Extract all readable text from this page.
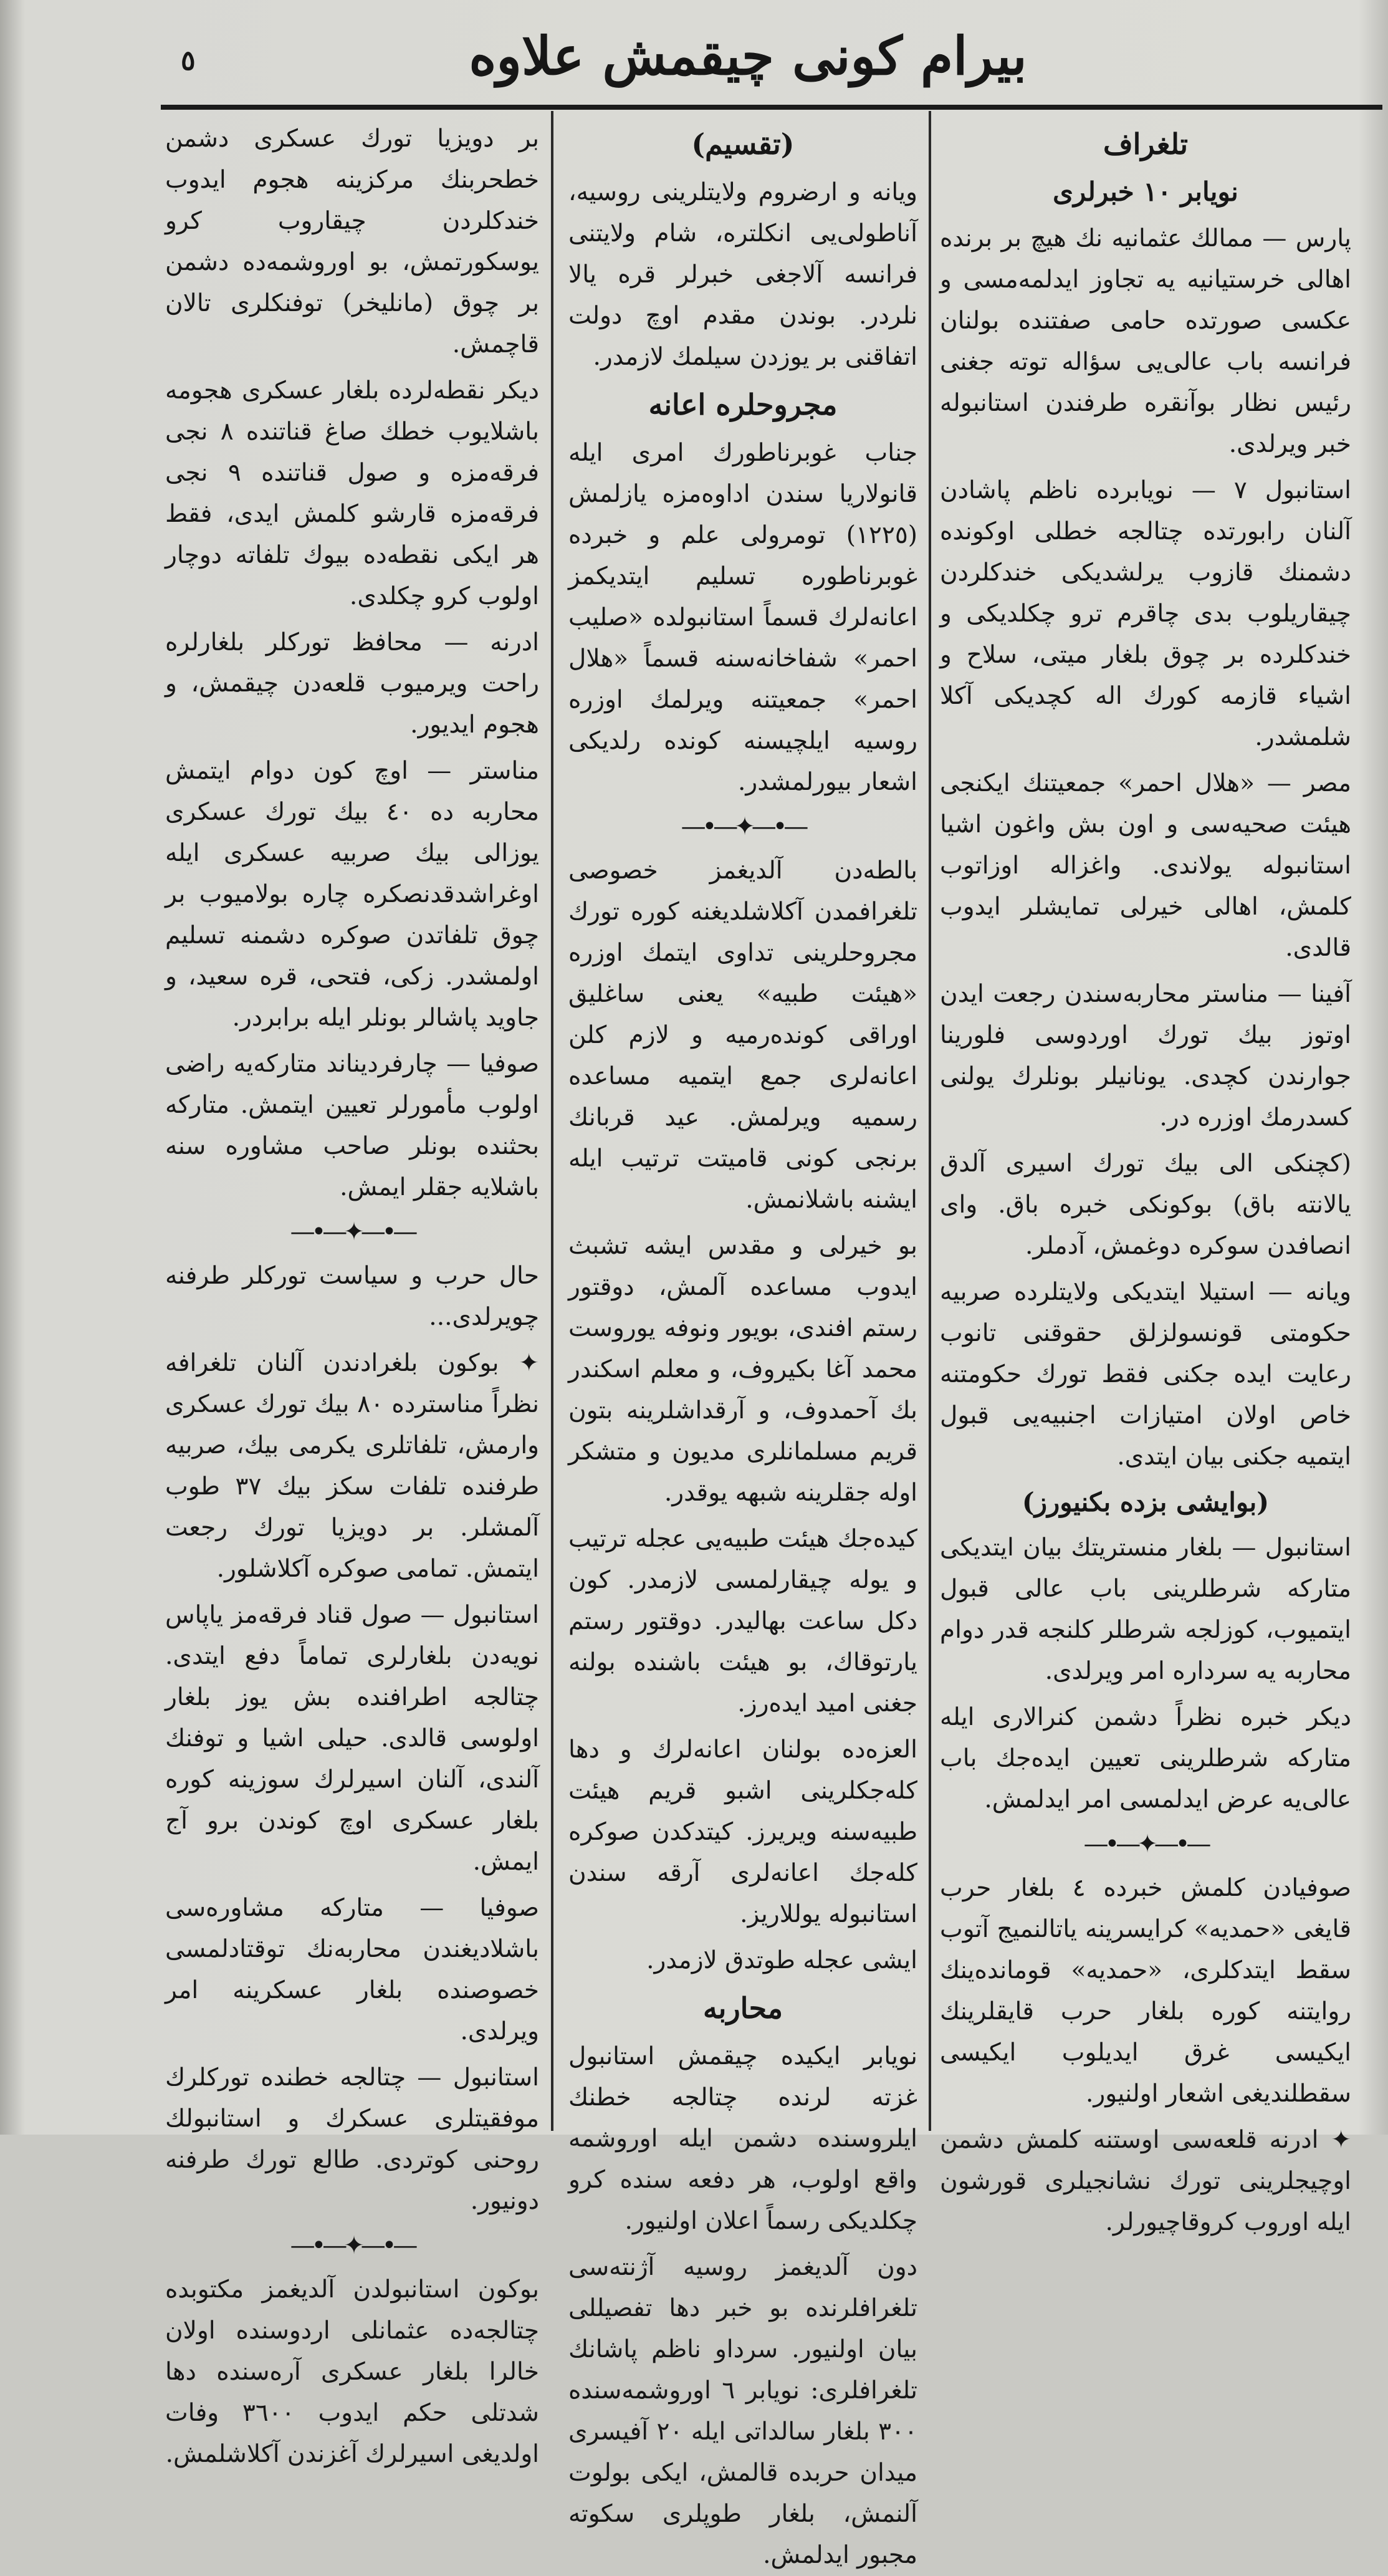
٥	بیرام کونی چیقمش علاوه
تلغراف
نویابر ١٠ خبرلری

پارس — ممالك عثمانیه نك هیچ بر برنده اهالی خرستیانیه یه تجاوز ایدلمه‌مسی و عکسی صورتده حامی صفتنده بولنان فرانسه باب عالی‌یی سؤاله توته جغنی رئیس نظار بوآنقره طرفندن استانبوله خبر ویرلدی.

استانبول ٧ — نویابرده ناظم پاشادن آلنان رابورتده چتالجه خطلی اوکونده دشمنك قازوب یرلشدیکی خندکلردن چیقاریلوب بدی چاقرم ترو چکلدیکی و خندکلرده بر چوق بلغار میتی، سلاح و اشیاء قازمه کورك اله کچدیکی آکلا شلمشدر.

مصر — «هلال احمر» جمعیتنك ایکنجی هیئت صحیه‌سی و اون بش واغون اشیا استانبوله یولاندی. واغزاله اوزاتوب کلمش، اهالی خیرلی تمایشلر ایدوب قالدی.

آفینا — مناستر محاربه‌سندن رجعت ایدن اوتوز بیك تورك اوردوسی فلورینا جوارندن کچدی. یونانیلر بونلرك یولنی کسدرمك اوزره در.

(کچنکی الی بیك تورك اسیری آلدق یالانته باق) بوکونکی خبره باق. وای انصافدن سوکره دوغمش، آدملر.

ویانه — استیلا ایتدیکی ولایتلرده صربیه حکومتی قونسولزلق حقوقنی تانوب رعایت ایده جکنی فقط تورك حکومتنه خاص اولان امتیازات اجنبیه‌یی قبول ایتمیه جکنی بیان ایتدی.

(بوایشی بزده بکنیورز)

استانبول — بلغار منستریتك بیان ایتدیکی متارکه شرطلرینی باب عالی قبول ایتمیوب، کوزلجه شرطلر کلنجه قدر دوام محاربه یه سرداره امر ویرلدی.

دیکر خبره نظراً دشمن کنرالاری ایله متارکه شرطلرینی تعیین ایده‌جك باب عالی‌یه عرض ایدلمسی امر ایدلمش.

—•—✦—•—

صوفیادن کلمش خبرده ٤ بلغار حرب قایغی «حمدیه» کرایسرینه یاتالنمیج آتوب سقط ایتدکلری، «حمدیه» قومانده‌ینك روایتنه کوره بلغار حرب قایقلرینك ایکیسی غرق ایدیلوب ایکیسی سقطلندیغی اشعار اولنیور.

✦ ادرنه قلعه‌سی اوستنه کلمش دشمن اوچیجلرینی تورك نشانجیلری قورشون ایله اوروب کروقاچیورلر.

(تقسیم)

ویانه و ارضروم ولایتلرینی روسیه، آناطولی‌یی انکلتره، شام ولایتنی فرانسه آلاجغی خبرلر قره یالا نلردر. بوندن مقدم اوچ دولت اتفاقنی بر یوزدن سیلمك لازمدر.

مجروحلره اعانه

جناب غوبرناطورك امری ایله قانولاریا سندن اداوه‌مزه یازلمش (١٢٢٥) تومرولی علم و خبرده غوبرناطوره تسلیم ایتدیکمز اعانه‌لرك قسماً استانبولده «صلیب احمر» شفاخانه‌سنه قسماً «هلال احمر» جمعیتنه ویرلمك اوزره روسیه ایلچیسنه کونده رلدیکی اشعار بیورلمشدر.

—•—✦—•—

بالطه‌دن آلدیغمز خصوصی تلغرافمدن آکلاشلدیغنه کوره تورك مجروحلرینی تداوی ایتمك اوزره «هیئت طبیه» یعنی ساغلیق اوراقی کونده‌رمیه و لازم کلن اعانه‌لری جمع ایتمیه مساعده رسمیه ویرلمش. عید قربانك برنجی کونی قامیتت ترتیب ایله ایشنه باشلانمش.

بو خیرلی و مقدس ایشه تشبث ایدوب مساعده آلمش، دوقتور رستم افندی، بویور ونوفه یوروست محمد آغا بکیروف، و معلم اسکندر بك آحمدوف، و آرقداشلرینه بتون قریم مسلمانلری مدیون و متشکر اوله جقلرینه شبهه یوقدر.

کیده‌جك هیئت طبیه‌یی عجله ترتیب و یوله چیقارلمسی لازمدر. کون دکل ساعت بهالیدر. دوقتور رستم یارتوقاك، بو هیئت باشنده بولنه جغنی امید ایده‌رز.

العزه‌ده بولنان اعانه‌لرك و دها کله‌جکلرینی اشبو قریم هیئت طبیه‌سنه ویریرز. کیتدکدن صوکره کله‌جك اعانه‌لری آرقه سندن استانبوله یوللاریز.

ایشی عجله طوتدق لازمدر.

محاربه

نویابر ایکیده چیقمش استانبول غزته لرنده چتالجه خطنك ایلروسنده دشمن ایله اوروشمه واقع اولوب، هر دفعه سنده کرو چکلدیکی رسماً اعلان اولنیور.

دون آلدیغمز روسیه آژنته‌سی تلغرافلرنده بو خبر دها تفصیللی بیان اولنیور. سرداو ناظم پاشانك تلغرافلری: نویابر ٦ اوروشمه‌سنده ٣٠٠ بلغار سالداتی ایله ٢٠ آفیسری میدان حربده قالمش، ایکی بولوت آلنمش، بلغار طوپلری سکوته مجبور ایدلمش.

بر دویزیا تورك عسکری دشمن خطحربنك مرکزینه هجوم ایدوب خندکلردن چیقاروب کرو یوسکورتمش، بو اوروشمه‌ده دشمن بر چوق (مانلیخر) توفنکلری تالان قاچمش.

دیکر نقطه‌لرده بلغار عسکری هجومه باشلایوب خطك صاغ قناتنده ٨ نجی فرقه‌مزه و صول قناتنده ٩ نجی فرقه‌مزه قارشو کلمش ایدی، فقط هر ایکی نقطه‌ده بیوك تلفاته دوچار اولوب کرو چکلدی.

ادرنه — محافظ تورکلر بلغارلره راحت ویرمیوب قلعه‌دن چیقمش، و هجوم ایدیور.

مناستر — اوچ کون دوام ایتمش محاربه ده ٤٠ بیك تورك عسکری یوزالی بیك صربیه عسکری ایله اوغراشدقدنصکره چاره بولامیوب بر چوق تلفاتدن صوکره دشمنه تسلیم اولمشدر. زکی، فتحی، قره سعید، و جاوید پاشالر بونلر ایله برابردر.

صوفیا — چارفردیناند متارکه‌یه راضی اولوب مأمورلر تعیین ایتمش. متارکه بحثنده بونلر صاحب مشاوره سنه باشلایه جقلر ایمش.

—•—✦—•—

حال حرب و سیاست تورکلر طرفنه چویرلدی...

✦ بوکون بلغرادندن آلنان تلغرافه نظراً مناسترده ٨٠ بیك تورك عسکری وارمش، تلفاتلری یکرمی بیك، صربیه طرفنده تلفات سکز بیك ٣٧ طوب آلمشلر. بر دویزیا تورك رجعت ایتمش. تمامی صوکره آکلاشلور.

استانبول — صول قناد فرقه‌مز یاپاس نویه‌دن بلغارلری تماماً دفع ایتدی. چتالجه اطرافنده بش یوز بلغار اولوسی قالدی. حیلی اشیا و توفنك آلندی، آلنان اسیرلرك سوزینه کوره بلغار عسکری اوچ کوندن برو آج ایمش.

صوفیا — متارکه مشاوره‌سی باشلادیغندن محاربه‌نك توقتادلمسی خصوصنده بلغار عسکرینه امر ویرلدی.

استانبول — چتالجه خطنده تورکلرك موفقیتلری عسکرك و استانبولك روحنی کوتردی. طالع تورك طرفنه دونیور.

—•—✦—•—

بوکون استانبولدن آلدیغمز مکتوبده چتالجه‌ده عثمانلی اردوسنده اولان خالرا بلغار عسکری آره‌سنده دها شدتلی حکم ایدوب ٣٦٠٠ وفات اولدیغی اسیرلرك آغزندن آکلاشلمش.
